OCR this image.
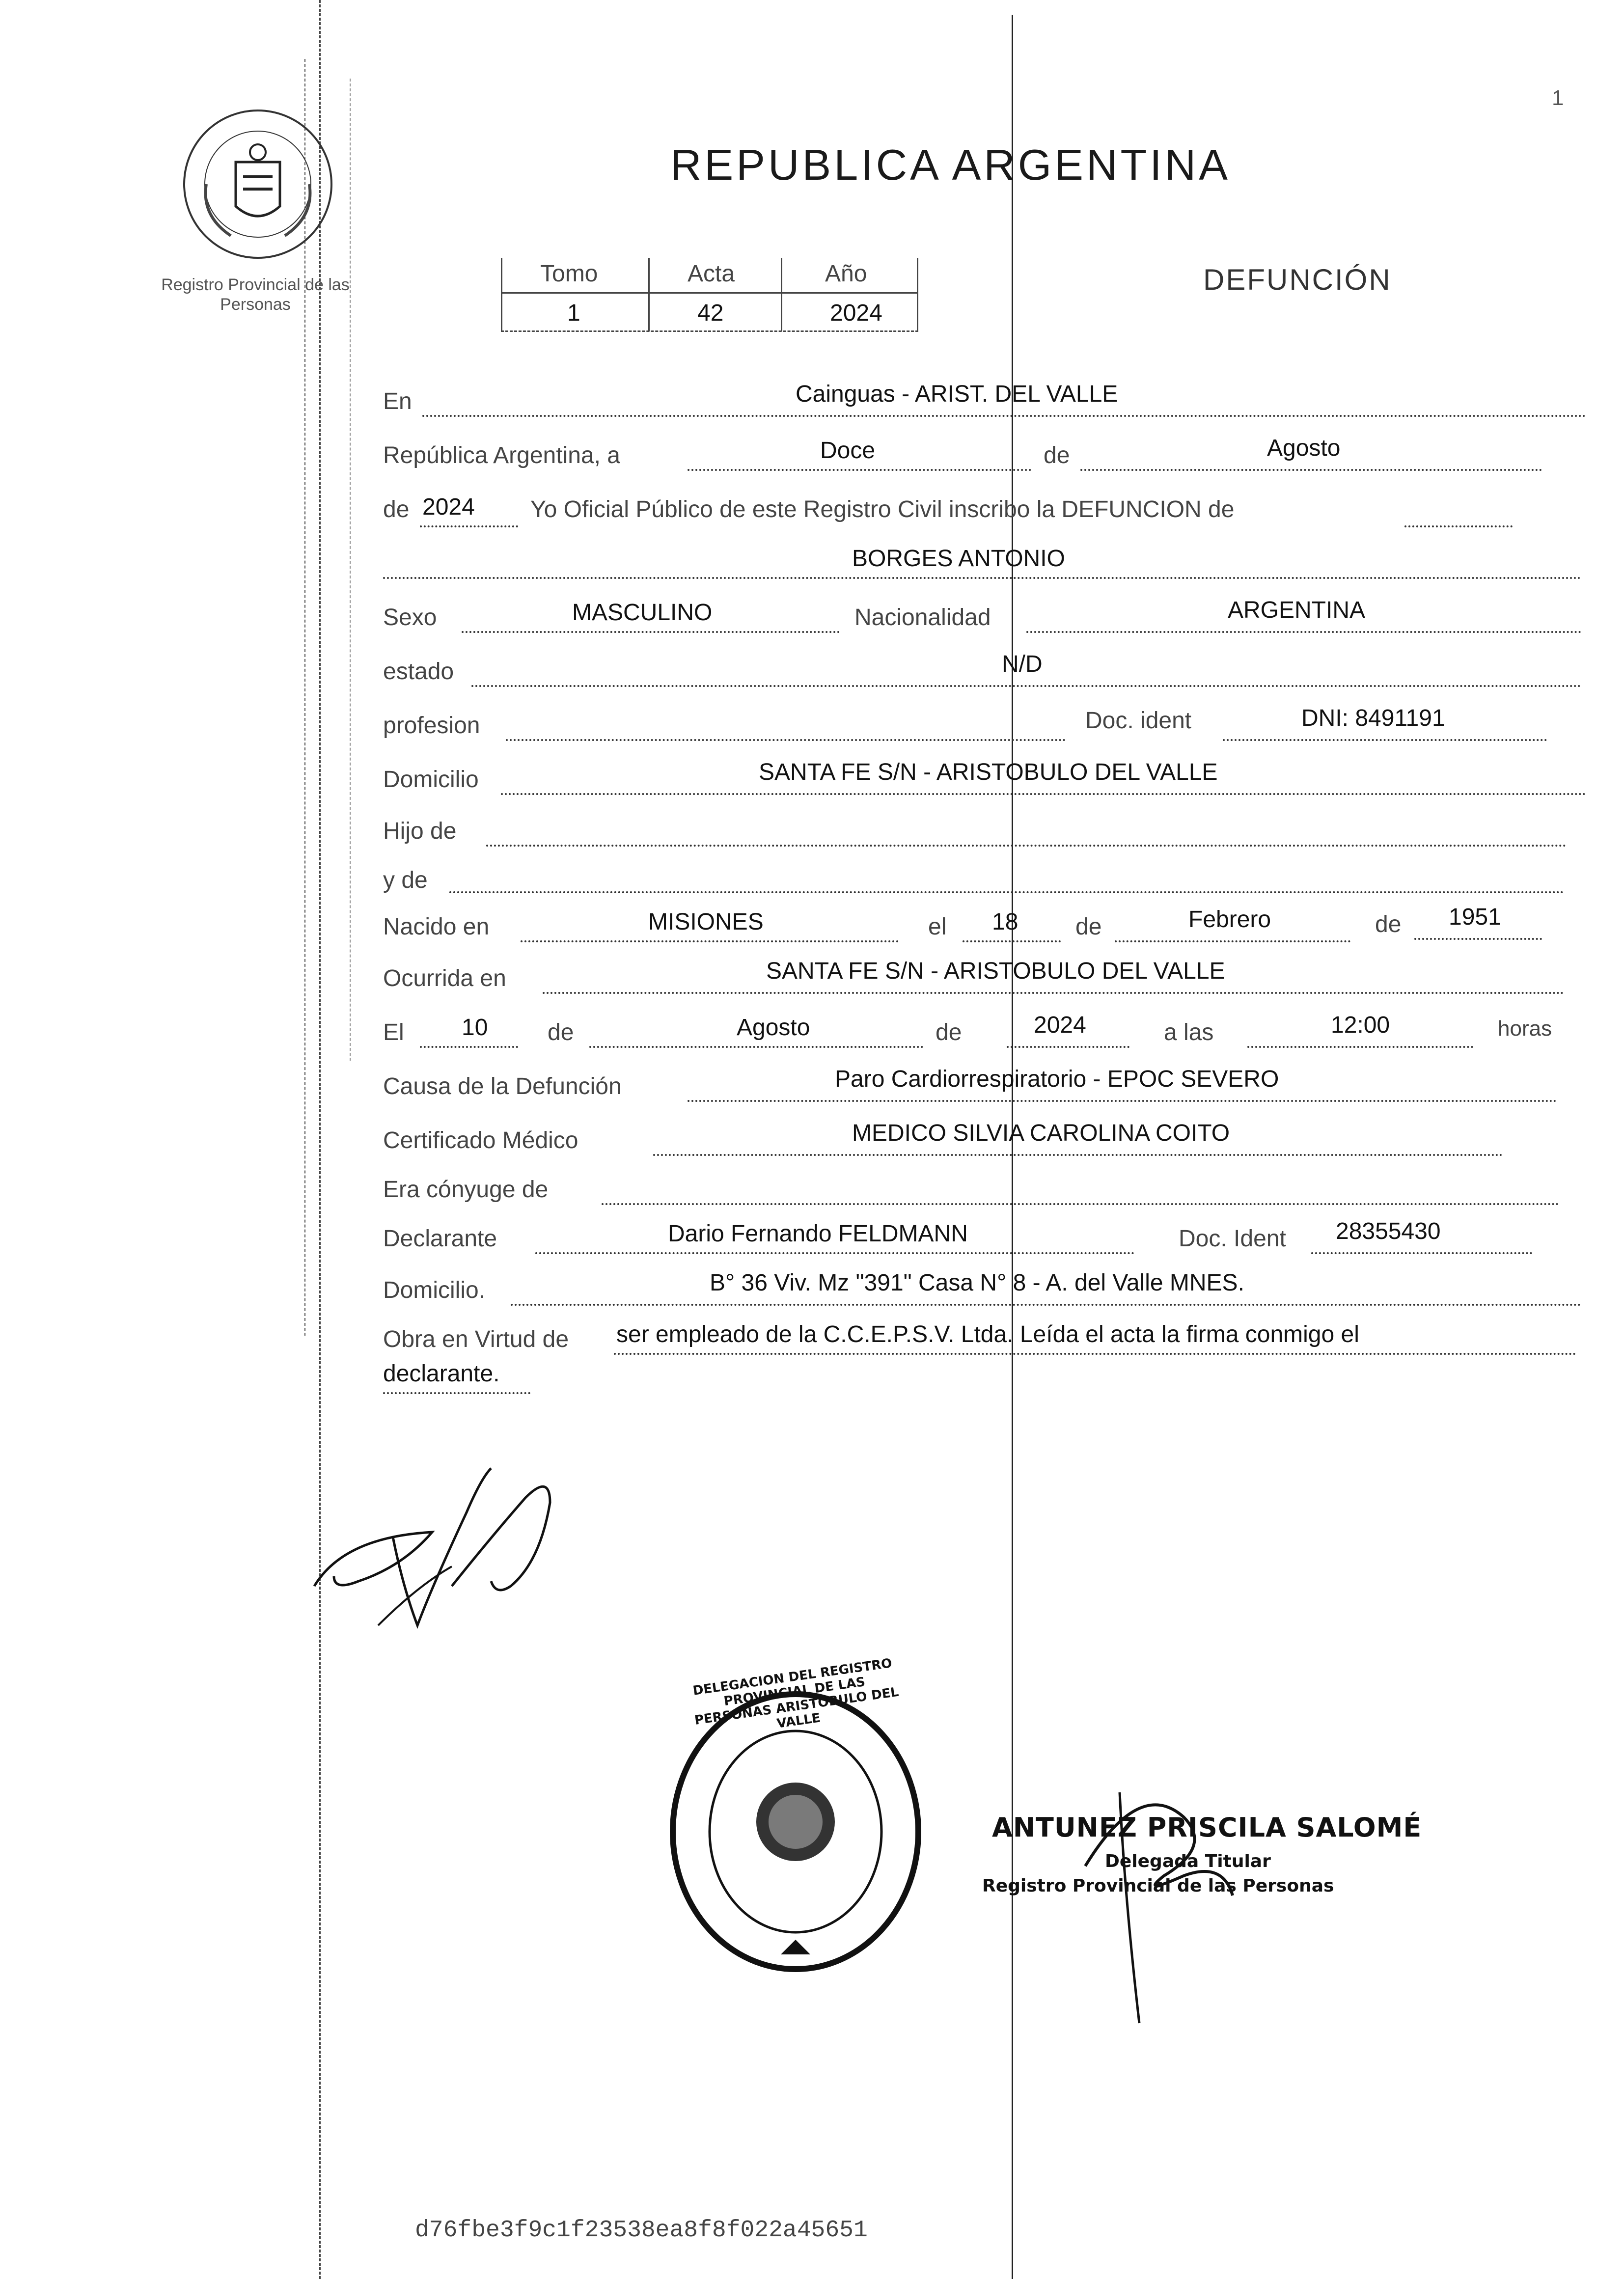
Registro Provincial de las Personas
1
REPUBLICA ARGENTINA
Tomo	Acta	Año
1	42	2024
DEFUNCIÓN
En	Cainguas - ARIST. DEL VALLE
República Argentina, a	Doce	de	Agosto
de 2024 Yo Oficial Público de este Registro Civil inscribo la DEFUNCION de
BORGES ANTONIO
Sexo	MASCULINO	Nacionalidad	ARGENTINA
estado	N/D
profesion	Doc. ident	DNI: 8491191
Domicilio	SANTA FE S/N - ARISTOBULO DEL VALLE
Hijo de
y de
Nacido en	MISIONES	el 18 de	Febrero	de 1951
Ocurrida en	SANTA FE S/N - ARISTOBULO DEL VALLE
El 10	de	Agosto	de	2024	a las	12:00	horas
Causa de la Defunción	Paro Cardiorrespiratorio - EPOC SEVERO
Certificado Médico	MEDICO SILVIA CAROLINA COITO
Era cónyuge de
Declarante	Dario Fernando FELDMANN	Doc. Ident 28355430
Domicilio.	B° 36 Viv. Mz "391" Casa N° 8 - A. del Valle MNES.
Obra en Virtud de ser empleado de la C.C.E.P.S.V. Ltda. Leída el acta la firma conmigo el
declarante.
DELEGACION DEL REGISTRO PROVINCIAL DE LAS PERSONAS ARISTOBULO DEL VALLE
ANTUNEZ PRISCILA SALOMÉ
Delegada Titular
Registro Provincial de las Personas
d76fbe3f9c1f23538ea8f8f022a45651
